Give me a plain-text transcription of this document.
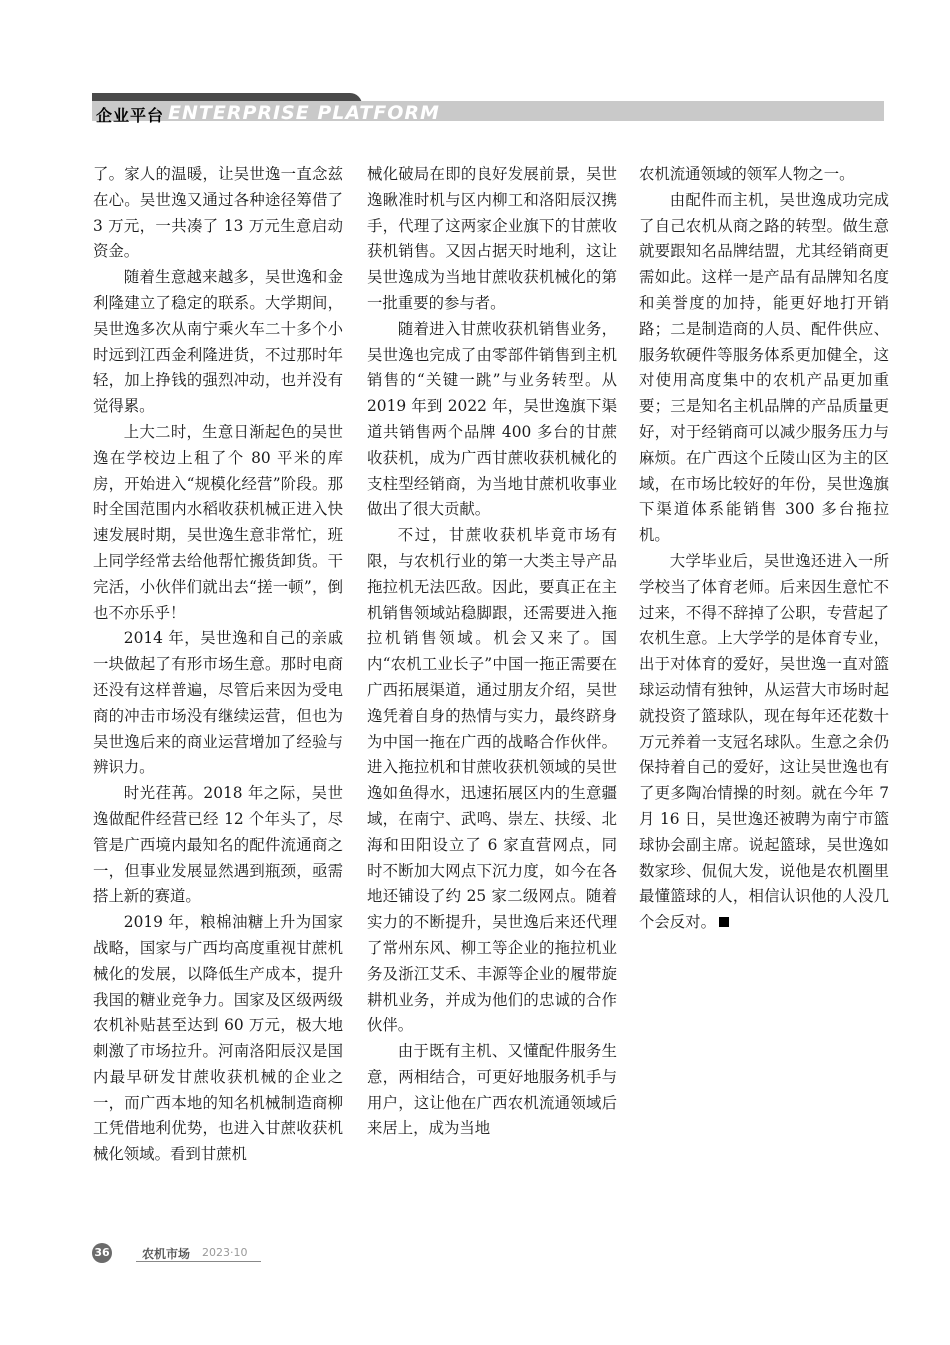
企业平台 ENTERPRISE PLATFORM

了。家人的温暖，让吴世逸一直念兹在心。吴世逸又通过各种途径筹借了 3 万元，一共凑了 13 万元生意启动资金。

随着生意越来越多，吴世逸和金利隆建立了稳定的联系。大学期间，吴世逸多次从南宁乘火车二十多个小时远到江西金利隆进货，不过那时年轻，加上挣钱的强烈冲动，也并没有觉得累。

上大二时，生意日渐起色的吴世逸在学校边上租了个 80 平米的库房，开始进入“规模化经营”阶段。那时全国范围内水稻收获机械正进入快速发展时期，吴世逸生意非常忙，班上同学经常去给他帮忙搬货卸货。干完活，小伙伴们就出去“搓一顿”，倒也不亦乐乎！

2014 年，吴世逸和自己的亲戚一块做起了有形市场生意。那时电商还没有这样普遍，尽管后来因为受电商的冲击市场没有继续运营，但也为吴世逸后来的商业运营增加了经验与辨识力。

时光荏苒。2018 年之际，吴世逸做配件经营已经 12 个年头了，尽管是广西境内最知名的配件流通商之一，但事业发展显然遇到瓶颈，亟需搭上新的赛道。

2019 年，粮棉油糖上升为国家战略，国家与广西均高度重视甘蔗机械化的发展，以降低生产成本，提升我国的糖业竞争力。国家及区级两级农机补贴甚至达到 60 万元，极大地刺激了市场拉升。河南洛阳辰汉是国内最早研发甘蔗收获机械的企业之一，而广西本地的知名机械制造商柳工凭借地利优势，也进入甘蔗收获机械化领域。看到甘蔗机

械化破局在即的良好发展前景，吴世逸瞅准时机与区内柳工和洛阳辰汉携手，代理了这两家企业旗下的甘蔗收获机销售。又因占据天时地利，这让吴世逸成为当地甘蔗收获机械化的第一批重要的参与者。

随着进入甘蔗收获机销售业务，吴世逸也完成了由零部件销售到主机销售的“关键一跳”与业务转型。从 2019 年到 2022 年，吴世逸旗下渠道共销售两个品牌 400 多台的甘蔗收获机，成为广西甘蔗收获机械化的支柱型经销商，为当地甘蔗机收事业做出了很大贡献。

不过，甘蔗收获机毕竟市场有限，与农机行业的第一大类主导产品拖拉机无法匹敌。因此，要真正在主机销售领域站稳脚跟，还需要进入拖拉机销售领域。机会又来了。国内“农机工业长子”中国一拖正需要在广西拓展渠道，通过朋友介绍，吴世逸凭着自身的热情与实力，最终跻身为中国一拖在广西的战略合作伙伴。进入拖拉机和甘蔗收获机领域的吴世逸如鱼得水，迅速拓展区内的生意疆域，在南宁、武鸣、崇左、扶绥、北海和田阳设立了 6 家直营网点，同时不断加大网点下沉力度，如今在各地还铺设了约 25 家二级网点。随着实力的不断提升，吴世逸后来还代理了常州东风、柳工等企业的拖拉机业务及浙江艾禾、丰源等企业的履带旋耕机业务，并成为他们的忠诚的合作伙伴。

由于既有主机、又懂配件服务生意，两相结合，可更好地服务机手与用户，这让他在广西农机流通领域后来居上，成为当地

农机流通领域的领军人物之一。

由配件而主机，吴世逸成功完成了自己农机从商之路的转型。做生意就要跟知名品牌结盟，尤其经销商更需如此。这样一是产品有品牌知名度和美誉度的加持，能更好地打开销路；二是制造商的人员、配件供应、服务软硬件等服务体系更加健全，这对使用高度集中的农机产品更加重要；三是知名主机品牌的产品质量更好，对于经销商可以减少服务压力与麻烦。在广西这个丘陵山区为主的区域，在市场比较好的年份，吴世逸旗下渠道体系能销售 300 多台拖拉机。

大学毕业后，吴世逸还进入一所学校当了体育老师。后来因生意忙不过来，不得不辞掉了公职，专营起了农机生意。上大学学的是体育专业，出于对体育的爱好，吴世逸一直对篮球运动情有独钟，从运营大市场时起就投资了篮球队，现在每年还花数十万元养着一支冠名球队。生意之余仍保持着自己的爱好，这让吴世逸也有了更多陶冶情操的时刻。就在今年 7 月 16 日，吴世逸还被聘为南宁市篮球协会副主席。说起篮球，吴世逸如数家珍、侃侃大发，说他是农机圈里最懂篮球的人，相信认识他的人没几个会反对。

36	农机市场 2023·10
